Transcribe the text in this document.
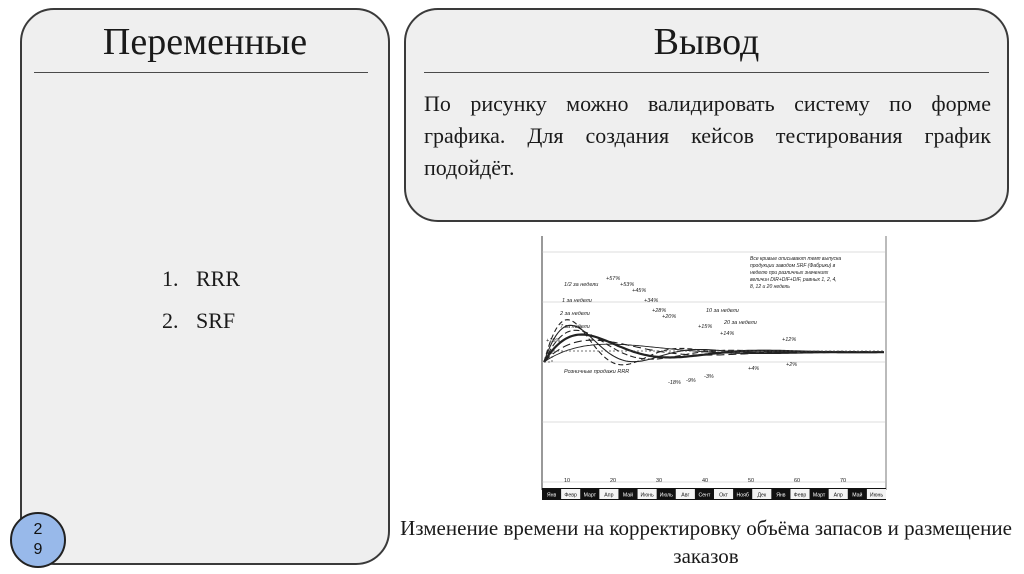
Переменные
1. RRR
2. SRF
Вывод

По рисунку можно валидировать систему по форме графика. Для создания кейсов тестирования график подойдёт.

Все кривые описывают темп выпуска
продукции заводом SRF (Фабрики) в
неделю при различных значениях
величин DIR+DIF+DIF, равных 1, 2, 4,
8, 12 и 20 недель
1/2 за недели
1 за недели
2 за недели
7 за недели
10 за недели
20 за недели
+57%
+53%
+45%
+34%
+28%
+20%
+15%
+14%
+12%
+10%
-18% -9%
-3%
+4%
+2%
Розничные продажи RRR
10	20	30	40	50	60	70
Янв Февр Март Апр Май Июнь Июль Авг Сент Окт Нояб Дек Янв Февр Март Апр Май Июнь
2
9

Изменение времени на корректировку объёма запасов и размещение заказов
